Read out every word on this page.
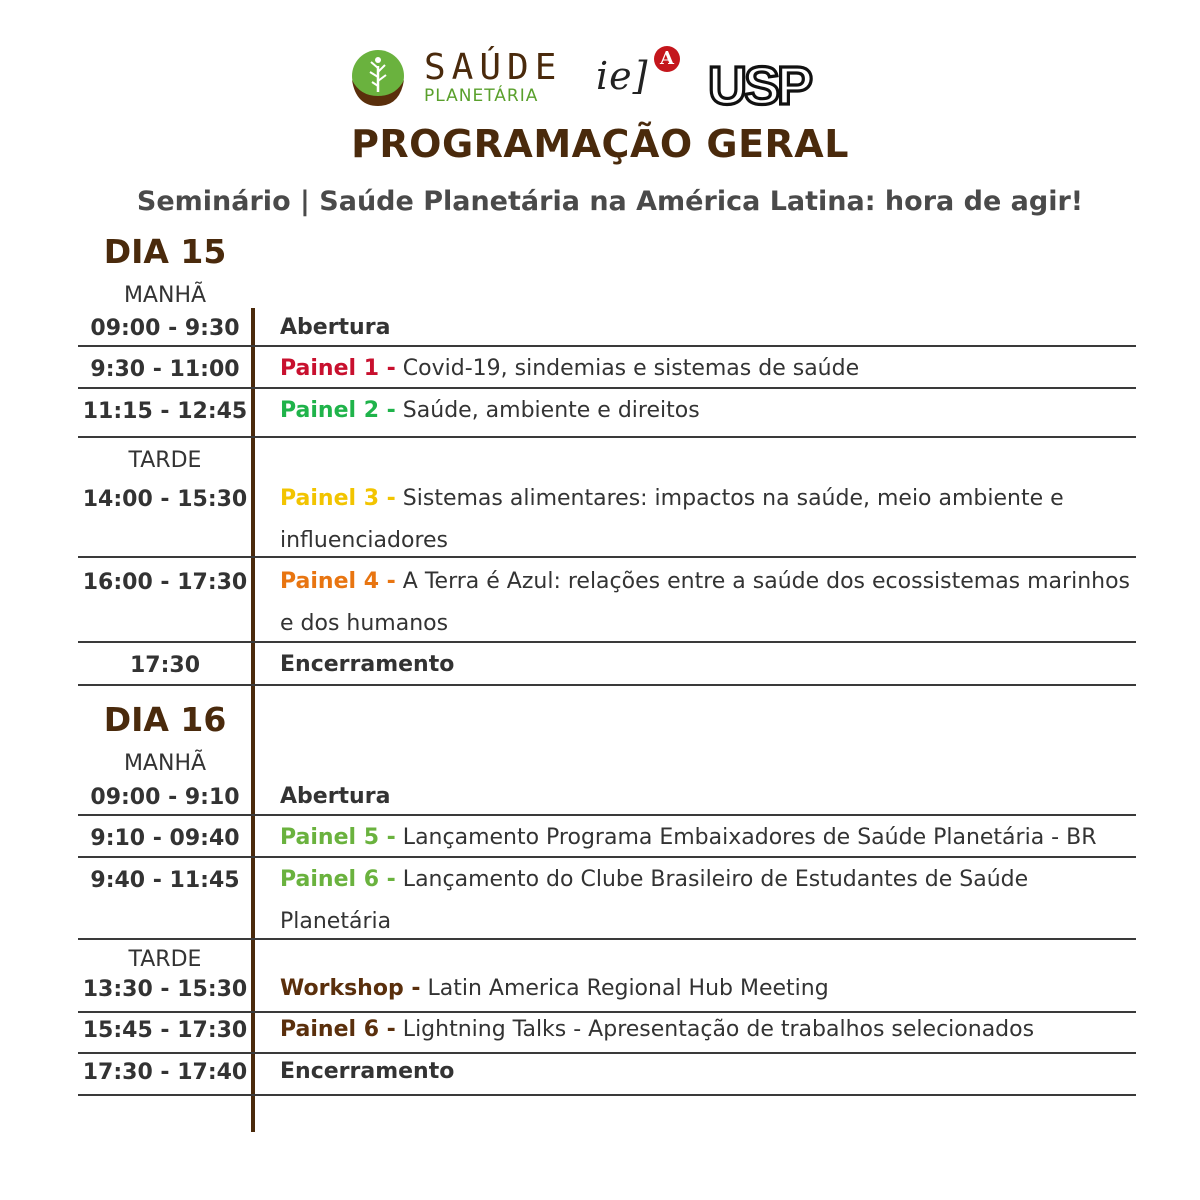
SAÚDE
PLANETÁRIA	ie] A USP
PROGRAMAÇÃO GERAL
Seminário | Saúde Planetária na América Latina: hora de agir!
DIA 15
MANHÃ
09:00 - 9:30	Abertura
9:30 - 11:00	Painel 1 - Covid-19, sindemias e sistemas de saúde
11:15 - 12:45 Painel 2 - Saúde, ambiente e direitos
TARDE
14:00 - 15:30 Painel 3 - Sistemas alimentares: impactos na saúde, meio ambiente e influenciadores
16:00 - 17:30 Painel 4 - A Terra é Azul: relações entre a saúde dos ecossistemas marinhos e dos humanos
17:30	Encerramento
DIA 16
MANHÃ
09:00 - 9:10	Abertura
9:10 - 09:40	Painel 5 - Lançamento Programa Embaixadores de Saúde Planetária - BR
9:40 - 11:45	Painel 6 - Lançamento do Clube Brasileiro de Estudantes de Saúde Planetária
TARDE
13:30 - 15:30 Workshop - Latin America Regional Hub Meeting
15:45 - 17:30 Painel 6 - Lightning Talks - Apresentação de trabalhos selecionados
17:30 - 17:40 Encerramento
